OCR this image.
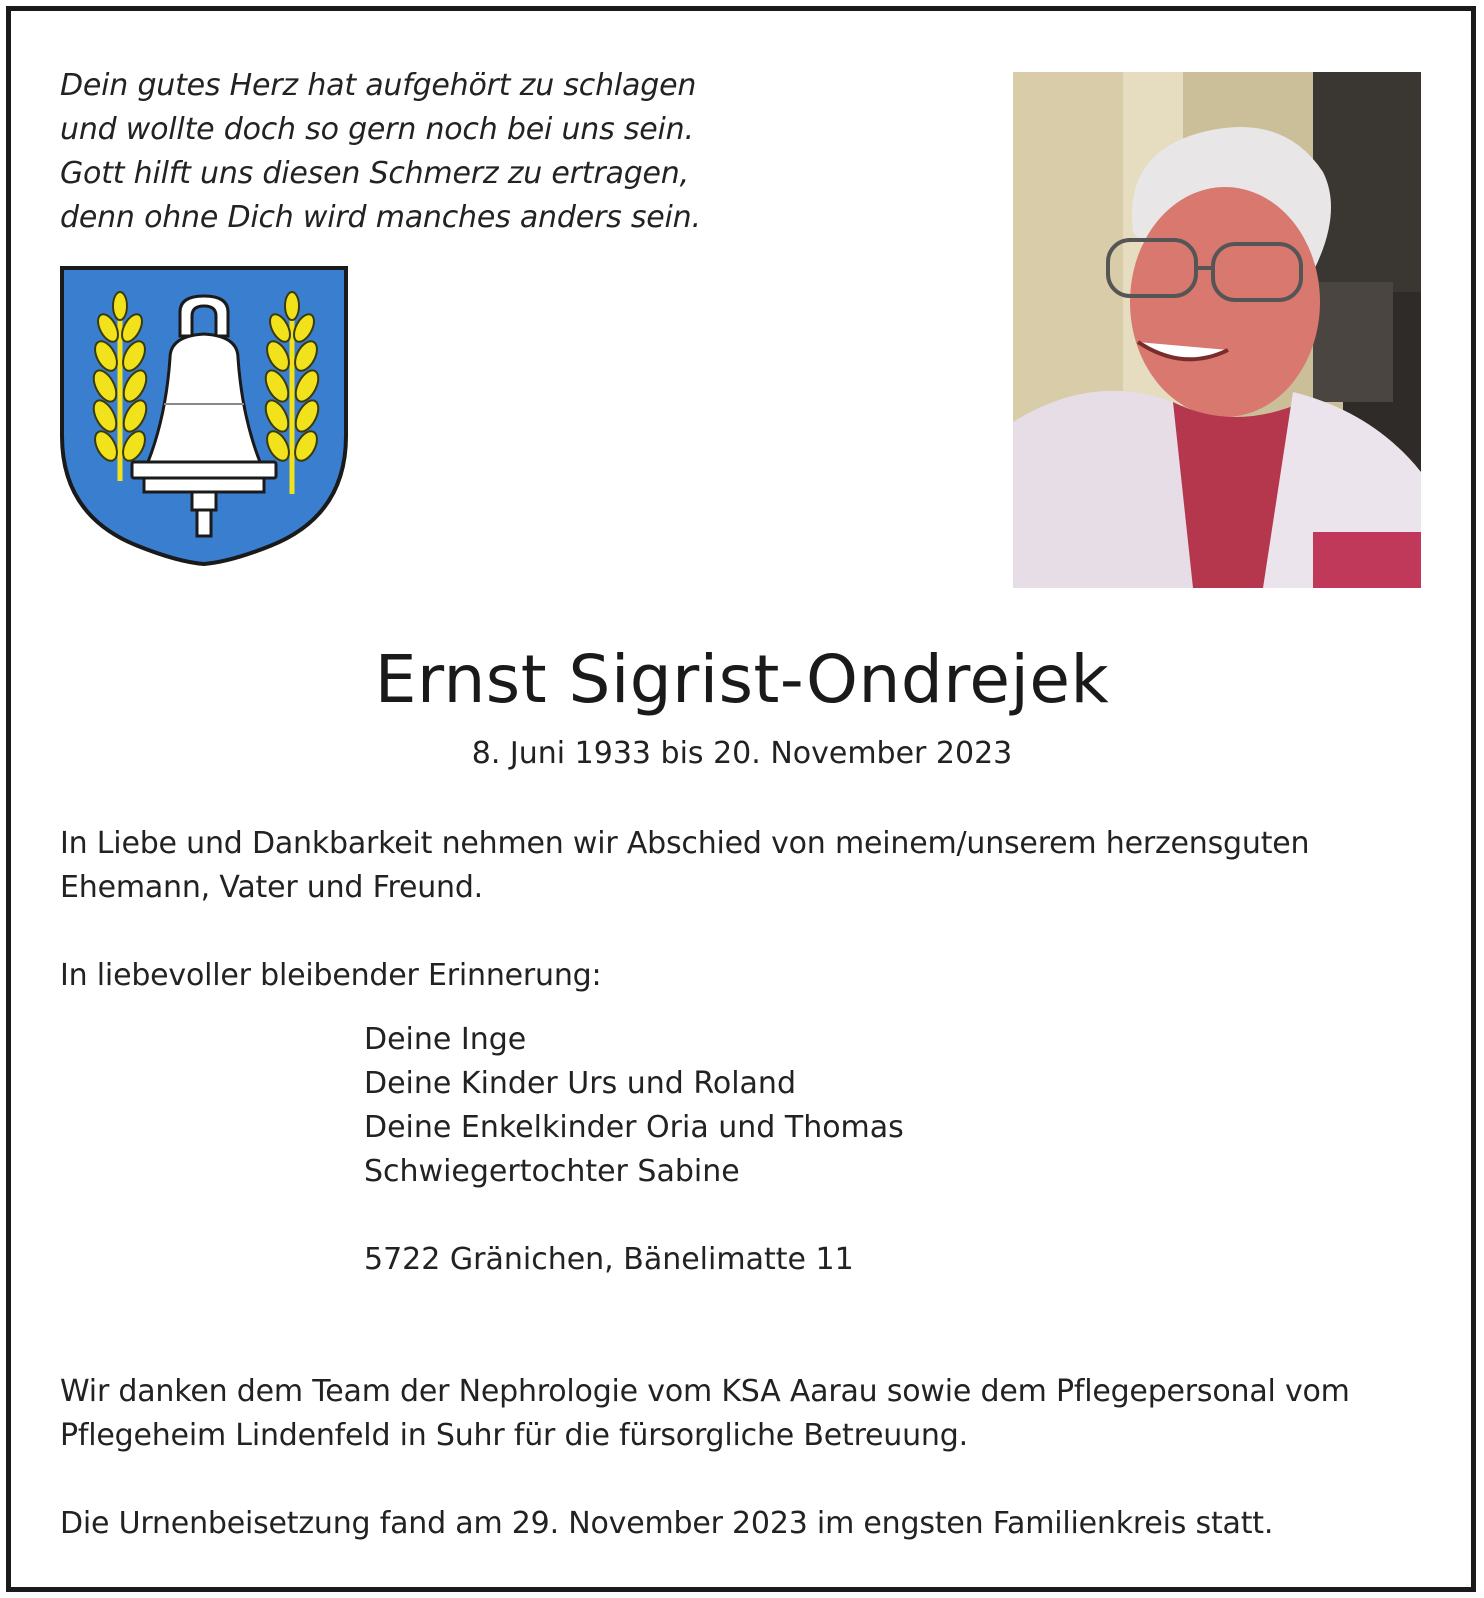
Dein gutes Herz hat aufgehört zu schlagen
und wollte doch so gern noch bei uns sein.
Gott hilft uns diesen Schmerz zu ertragen,
denn ohne Dich wird manches anders sein.
Ernst Sigrist-Ondrejek
8. Juni 1933 bis 20. November 2023
In Liebe und Dankbarkeit nehmen wir Abschied von meinem/unserem herzensguten
Ehemann, Vater und Freund.
In liebevoller bleibender Erinnerung:
Deine Inge
Deine Kinder Urs und Roland
Deine Enkelkinder Oria und Thomas
Schwiegertochter Sabine
5722 Gränichen, Bänelimatte 11
Wir danken dem Team der Nephrologie vom KSA Aarau sowie dem Pflegepersonal vom
Pflegeheim Lindenfeld in Suhr für die fürsorgliche Betreuung.
Die Urnenbeisetzung fand am 29. November 2023 im engsten Familienkreis statt.
